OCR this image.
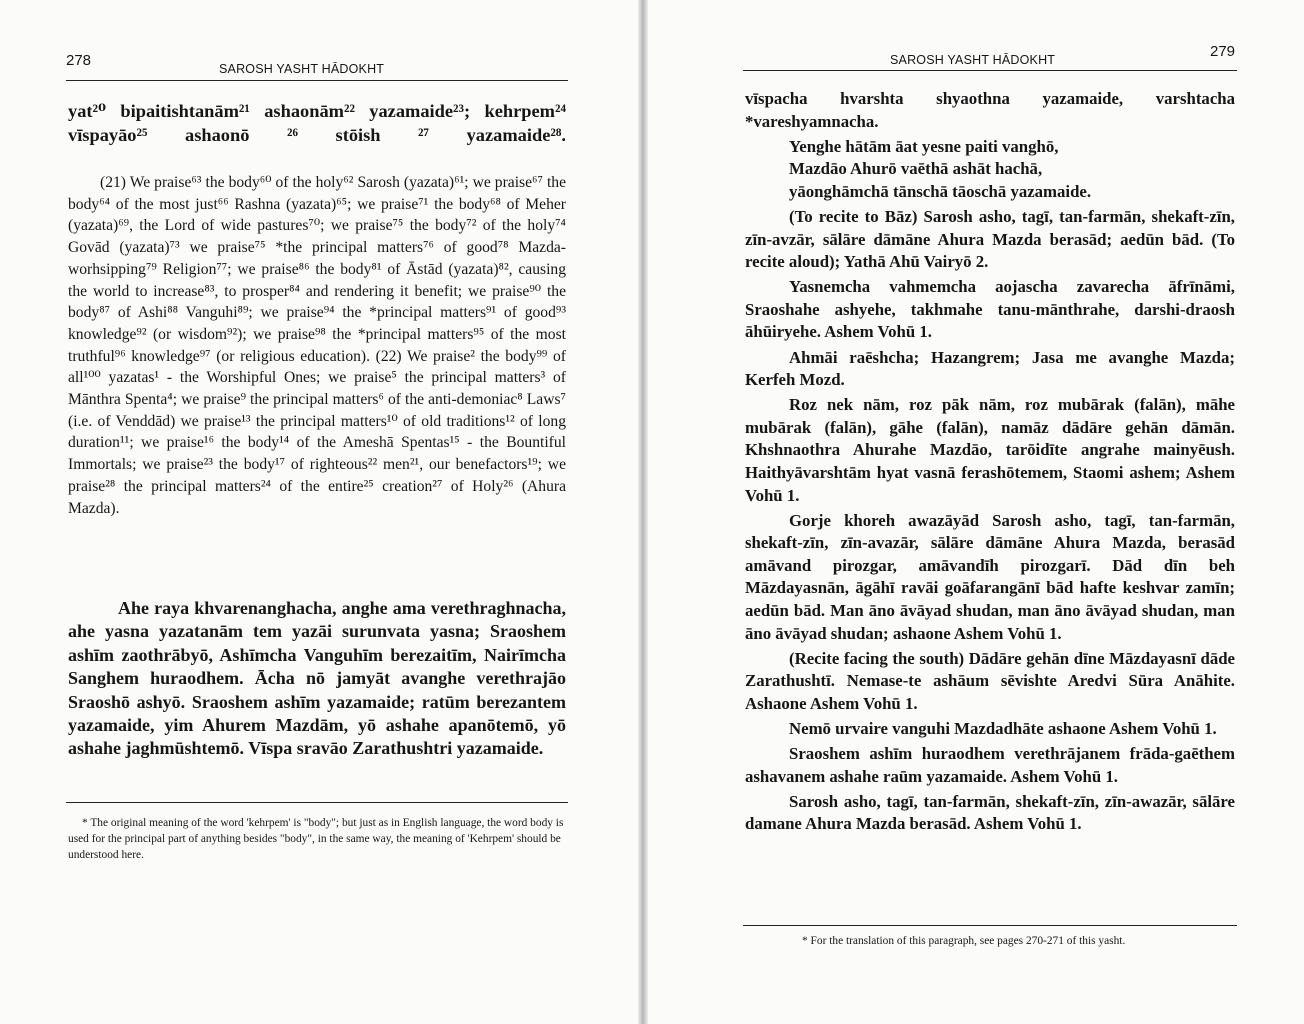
278	SAROSH YASHT HĀDOKHT

yat²⁰ bipaitishtanām²¹ ashaonām²² yazamaide²³; kehrpem²⁴ vīspayāo²⁵ ashaonō ²⁶ stōish ²⁷ yazamaide²⁸.

(21) We praise⁶³ the body⁶⁰ of the holy⁶² Sarosh (yazata)⁶¹; we praise⁶⁷ the body⁶⁴ of the most just⁶⁶ Rashna (yazata)⁶⁵; we praise⁷¹ the body⁶⁸ of Meher (yazata)⁶⁹, the Lord of wide pastures⁷⁰; we praise⁷⁵ the body⁷² of the holy⁷⁴ Govād (yazata)⁷³ we praise⁷⁵ *the principal matters⁷⁶ of good⁷⁸ Mazda-worhsipping⁷⁹ Religion⁷⁷; we praise⁸⁶ the body⁸¹ of Āstād (yazata)⁸², causing the world to increase⁸³, to prosper⁸⁴ and rendering it benefit; we praise⁹⁰ the body⁸⁷ of Ashi⁸⁸ Vanguhi⁸⁹; we praise⁹⁴ the *principal matters⁹¹ of good⁹³ knowledge⁹² (or wisdom⁹²); we praise⁹⁸ the *principal matters⁹⁵ of the most truthful⁹⁶ knowledge⁹⁷ (or religious education). (22) We praise² the body⁹⁹ of all¹⁰⁰ yazatas¹ - the Worshipful Ones; we praise⁵ the principal matters³ of Mānthra Spenta⁴; we praise⁹ the principal matters⁶ of the anti-demoniac⁸ Laws⁷ (i.e. of Venddād) we praise¹³ the principal matters¹⁰ of old traditions¹² of long duration¹¹; we praise¹⁶ the body¹⁴ of the Ameshā Spentas¹⁵ - the Bountiful Immortals; we praise²³ the body¹⁷ of righteous²² men²¹, our benefactors¹⁹; we praise²⁸ the principal matters²⁴ of the entire²⁵ creation²⁷ of Holy²⁶ (Ahura Mazda).

Ahe raya khvarenanghacha, anghe ama verethraghnacha, ahe yasna yazatanām tem yazāi surunvata yasna; Sraoshem ashīm zaothrābyō, Ashīmcha Vanguhīm berezaitīm, Nairīmcha Sanghem huraodhem. Ācha nō jamyāt avanghe verethrajāo Sraoshō ashyō. Sraoshem ashīm yazamaide; ratūm berezantem yazamaide, yim Ahurem Mazdām, yō ashahe apanōtemō, yō ashahe jaghmūshtemō. Vīspa sravāo Zarathushtri yazamaide.

* The original meaning of the word 'kehrpem' is "body"; but just as in English language, the word body is used for the principal part of anything besides "body", in the same way, the meaning of 'Kehrpem' should be understood here.

279
SAROSH YASHT HĀDOKHT

vīspacha hvarshta shyaothna yazamaide, varshtacha *vareshyamnacha.

Yenghe hātām āat yesne paiti vanghō,

Mazdāo Ahurō vaēthā ashāt hachā,

yāonghāmchā tānschā tāoschā yazamaide.

(To recite to Bāz) Sarosh asho, tagī, tan-farmān, shekaft-zīn, zīn-avzār, sālāre dāmāne Ahura Mazda berasād; aedūn bād. (To recite aloud); Yathā Ahū Vairyō 2.

Yasnemcha vahmemcha aojascha zavarecha āfrīnāmi, Sraoshahe ashyehe, takhmahe tanu-mānthrahe, darshi-draosh āhūiryehe. Ashem Vohū 1.

Ahmāi raēshcha; Hazangrem; Jasa me avanghe Mazda; Kerfeh Mozd.

Roz nek nām, roz pāk nām, roz mubārak (falān), māhe mubārak (falān), gāhe (falān), namāz dādāre gehān dāmān. Khshnaothra Ahurahe Mazdāo, tarōidīte angrahe mainyēush. Haithyāvarshtām hyat vasnā ferashōtemem, Staomi ashem; Ashem Vohū 1.

Gorje khoreh awazāyād Sarosh asho, tagī, tan-farmān, shekaft-zīn, zīn-avazār, sālāre dāmāne Ahura Mazda, berasād amāvand pirozgar, amāvandīh pirozgarī. Dād dīn beh Māzdayasnān, āgāhī ravāi goāfarangānī bād hafte keshvar zamīn; aedūn bād. Man āno āvāyad shudan, man āno āvāyad shudan, man āno āvāyad shudan; ashaone Ashem Vohū 1.

(Recite facing the south) Dādāre gehān dīne Māzdayasnī dāde Zarathushtī. Nemase-te ashāum sēvishte Aredvi Sūra Anāhite. Ashaone Ashem Vohū 1.

Nemō urvaire vanguhi Mazdadhāte ashaone Ashem Vohū 1.

Sraoshem ashīm huraodhem verethrājanem frāda-gaēthem ashavanem ashahe raūm yazamaide. Ashem Vohū 1.

Sarosh asho, tagī, tan-farmān, shekaft-zīn, zīn-awazār, sālāre damane Ahura Mazda berasād. Ashem Vohū 1.

* For the translation of this paragraph, see pages 270-271 of this yasht.
